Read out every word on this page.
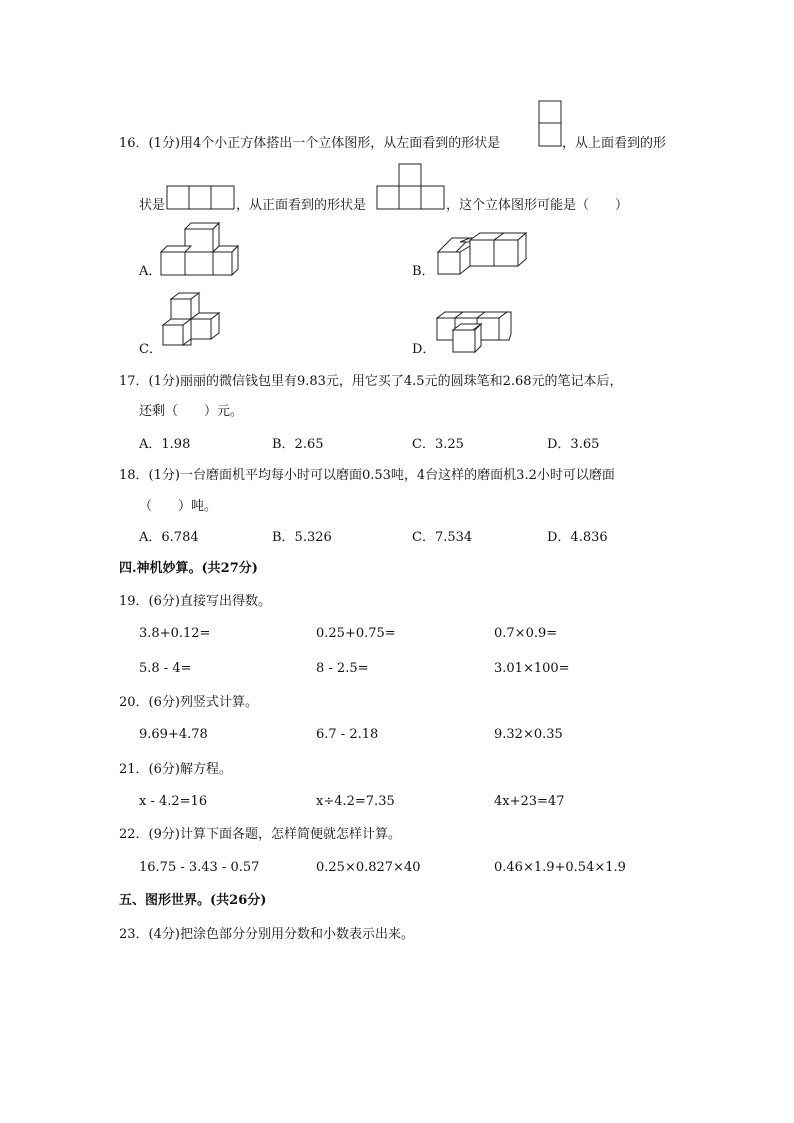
16．(1分)用4个小正方体搭出一个立体图形，从左面看到的形状是	，从上面看到的形
状是	，从正面看到的形状是	，这个立体图形可能是（　　）
A．	B．
C．	D．
17．(1分)丽丽的微信钱包里有9.83元，用它买了4.5元的圆珠笔和2.68元的笔记本后，
还剩（　　）元。
A．1.98	B．2.65	C．3.25	D．3.65
18．(1分)一台磨面机平均每小时可以磨面0.53吨，4台这样的磨面机3.2小时可以磨面
（　　）吨。
A．6.784	B．5.326	C．7.534	D．4.836
四.神机妙算。(共27分)
19．(6分)直接写出得数。
3.8+0.12=	0.25+0.75=	0.7×0.9=
5.8 - 4=	8 - 2.5=	3.01×100=
20．(6分)列竖式计算。
9.69+4.78	6.7 - 2.18	9.32×0.35
21．(6分)解方程。
x - 4.2=16	x÷4.2=7.35	4x+23=47
22．(9分)计算下面各题，怎样简便就怎样计算。
16.75 - 3.43 - 0.57	0.25×0.827×40	0.46×1.9+0.54×1.9
五、图形世界。(共26分)
23．(4分)把涂色部分分别用分数和小数表示出来。
